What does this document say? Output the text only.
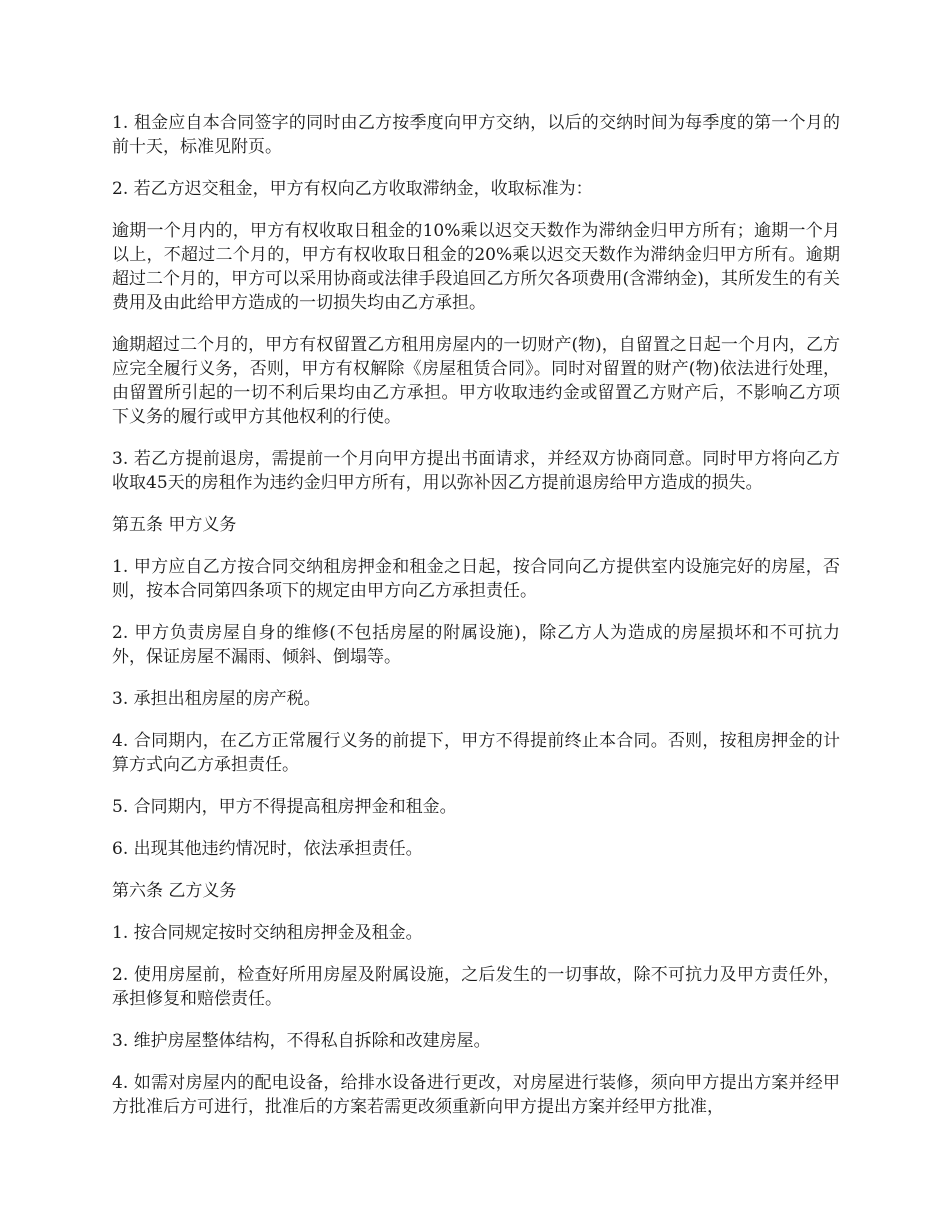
1. 租金应自本合同签字的同时由乙方按季度向甲方交纳，以后的交纳时间为每季度的第一个月的前十天，标准见附页。

2. 若乙方迟交租金，甲方有权向乙方收取滞纳金，收取标准为：

逾期一个月内的，甲方有权收取日租金的10%乘以迟交天数作为滞纳金归甲方所有；逾期一个月以上，不超过二个月的，甲方有权收取日租金的20%乘以迟交天数作为滞纳金归甲方所有。逾期超过二个月的，甲方可以采用协商或法律手段追回乙方所欠各项费用(含滞纳金)，其所发生的有关费用及由此给甲方造成的一切损失均由乙方承担。

逾期超过二个月的，甲方有权留置乙方租用房屋内的一切财产(物)，自留置之日起一个月内，乙方应完全履行义务，否则，甲方有权解除《房屋租赁合同》。同时对留置的财产(物)依法进行处理，由留置所引起的一切不利后果均由乙方承担。甲方收取违约金或留置乙方财产后，不影响乙方项下义务的履行或甲方其他权利的行使。

3. 若乙方提前退房，需提前一个月向甲方提出书面请求，并经双方协商同意。同时甲方将向乙方收取45天的房租作为违约金归甲方所有，用以弥补因乙方提前退房给甲方造成的损失。

第五条 甲方义务

1. 甲方应自乙方按合同交纳租房押金和租金之日起，按合同向乙方提供室内设施完好的房屋，否则，按本合同第四条项下的规定由甲方向乙方承担责任。

2. 甲方负责房屋自身的维修(不包括房屋的附属设施)，除乙方人为造成的房屋损坏和不可抗力外，保证房屋不漏雨、倾斜、倒塌等。

3. 承担出租房屋的房产税。

4. 合同期内，在乙方正常履行义务的前提下，甲方不得提前终止本合同。否则，按租房押金的计算方式向乙方承担责任。

5. 合同期内，甲方不得提高租房押金和租金。

6. 出现其他违约情况时，依法承担责任。

第六条 乙方义务

1. 按合同规定按时交纳租房押金及租金。

2. 使用房屋前，检查好所用房屋及附属设施，之后发生的一切事故，除不可抗力及甲方责任外，承担修复和赔偿责任。

3. 维护房屋整体结构，不得私自拆除和改建房屋。

4. 如需对房屋内的配电设备，给排水设备进行更改，对房屋进行装修，须向甲方提出方案并经甲方批准后方可进行，批准后的方案若需更改须重新向甲方提出方案并经甲方批准，
